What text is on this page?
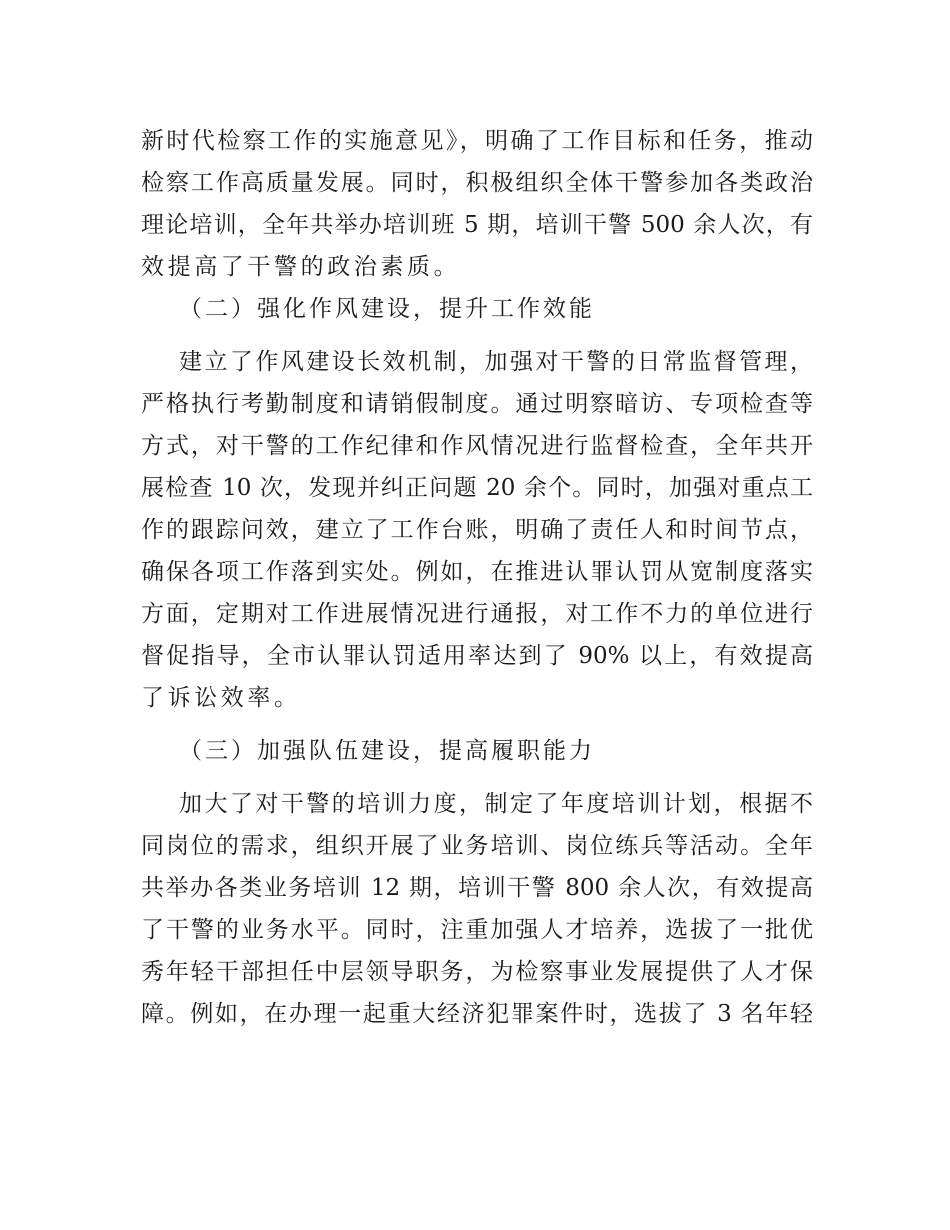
新时代检察工作的实施意见》，明确了工作目标和任务，推动
检察工作高质量发展。同时，积极组织全体干警参加各类政治
理论培训，全年共举办培训班 5 期，培训干警 500 余人次，有
效提高了干警的政治素质。
（二）强化作风建设，提升工作效能
建立了作风建设长效机制，加强对干警的日常监督管理，
严格执行考勤制度和请销假制度。通过明察暗访、专项检查等
方式，对干警的工作纪律和作风情况进行监督检查，全年共开
展检查 10 次，发现并纠正问题 20 余个。同时，加强对重点工
作的跟踪问效，建立了工作台账，明确了责任人和时间节点，
确保各项工作落到实处。例如，在推进认罪认罚从宽制度落实
方面，定期对工作进展情况进行通报，对工作不力的单位进行
督促指导，全市认罪认罚适用率达到了 90% 以上，有效提高
了诉讼效率。
（三）加强队伍建设，提高履职能力
加大了对干警的培训力度，制定了年度培训计划，根据不
同岗位的需求，组织开展了业务培训、岗位练兵等活动。全年
共举办各类业务培训 12 期，培训干警 800 余人次，有效提高
了干警的业务水平。同时，注重加强人才培养，选拔了一批优
秀年轻干部担任中层领导职务，为检察事业发展提供了人才保
障。例如，在办理一起重大经济犯罪案件时，选拔了 3 名年轻
